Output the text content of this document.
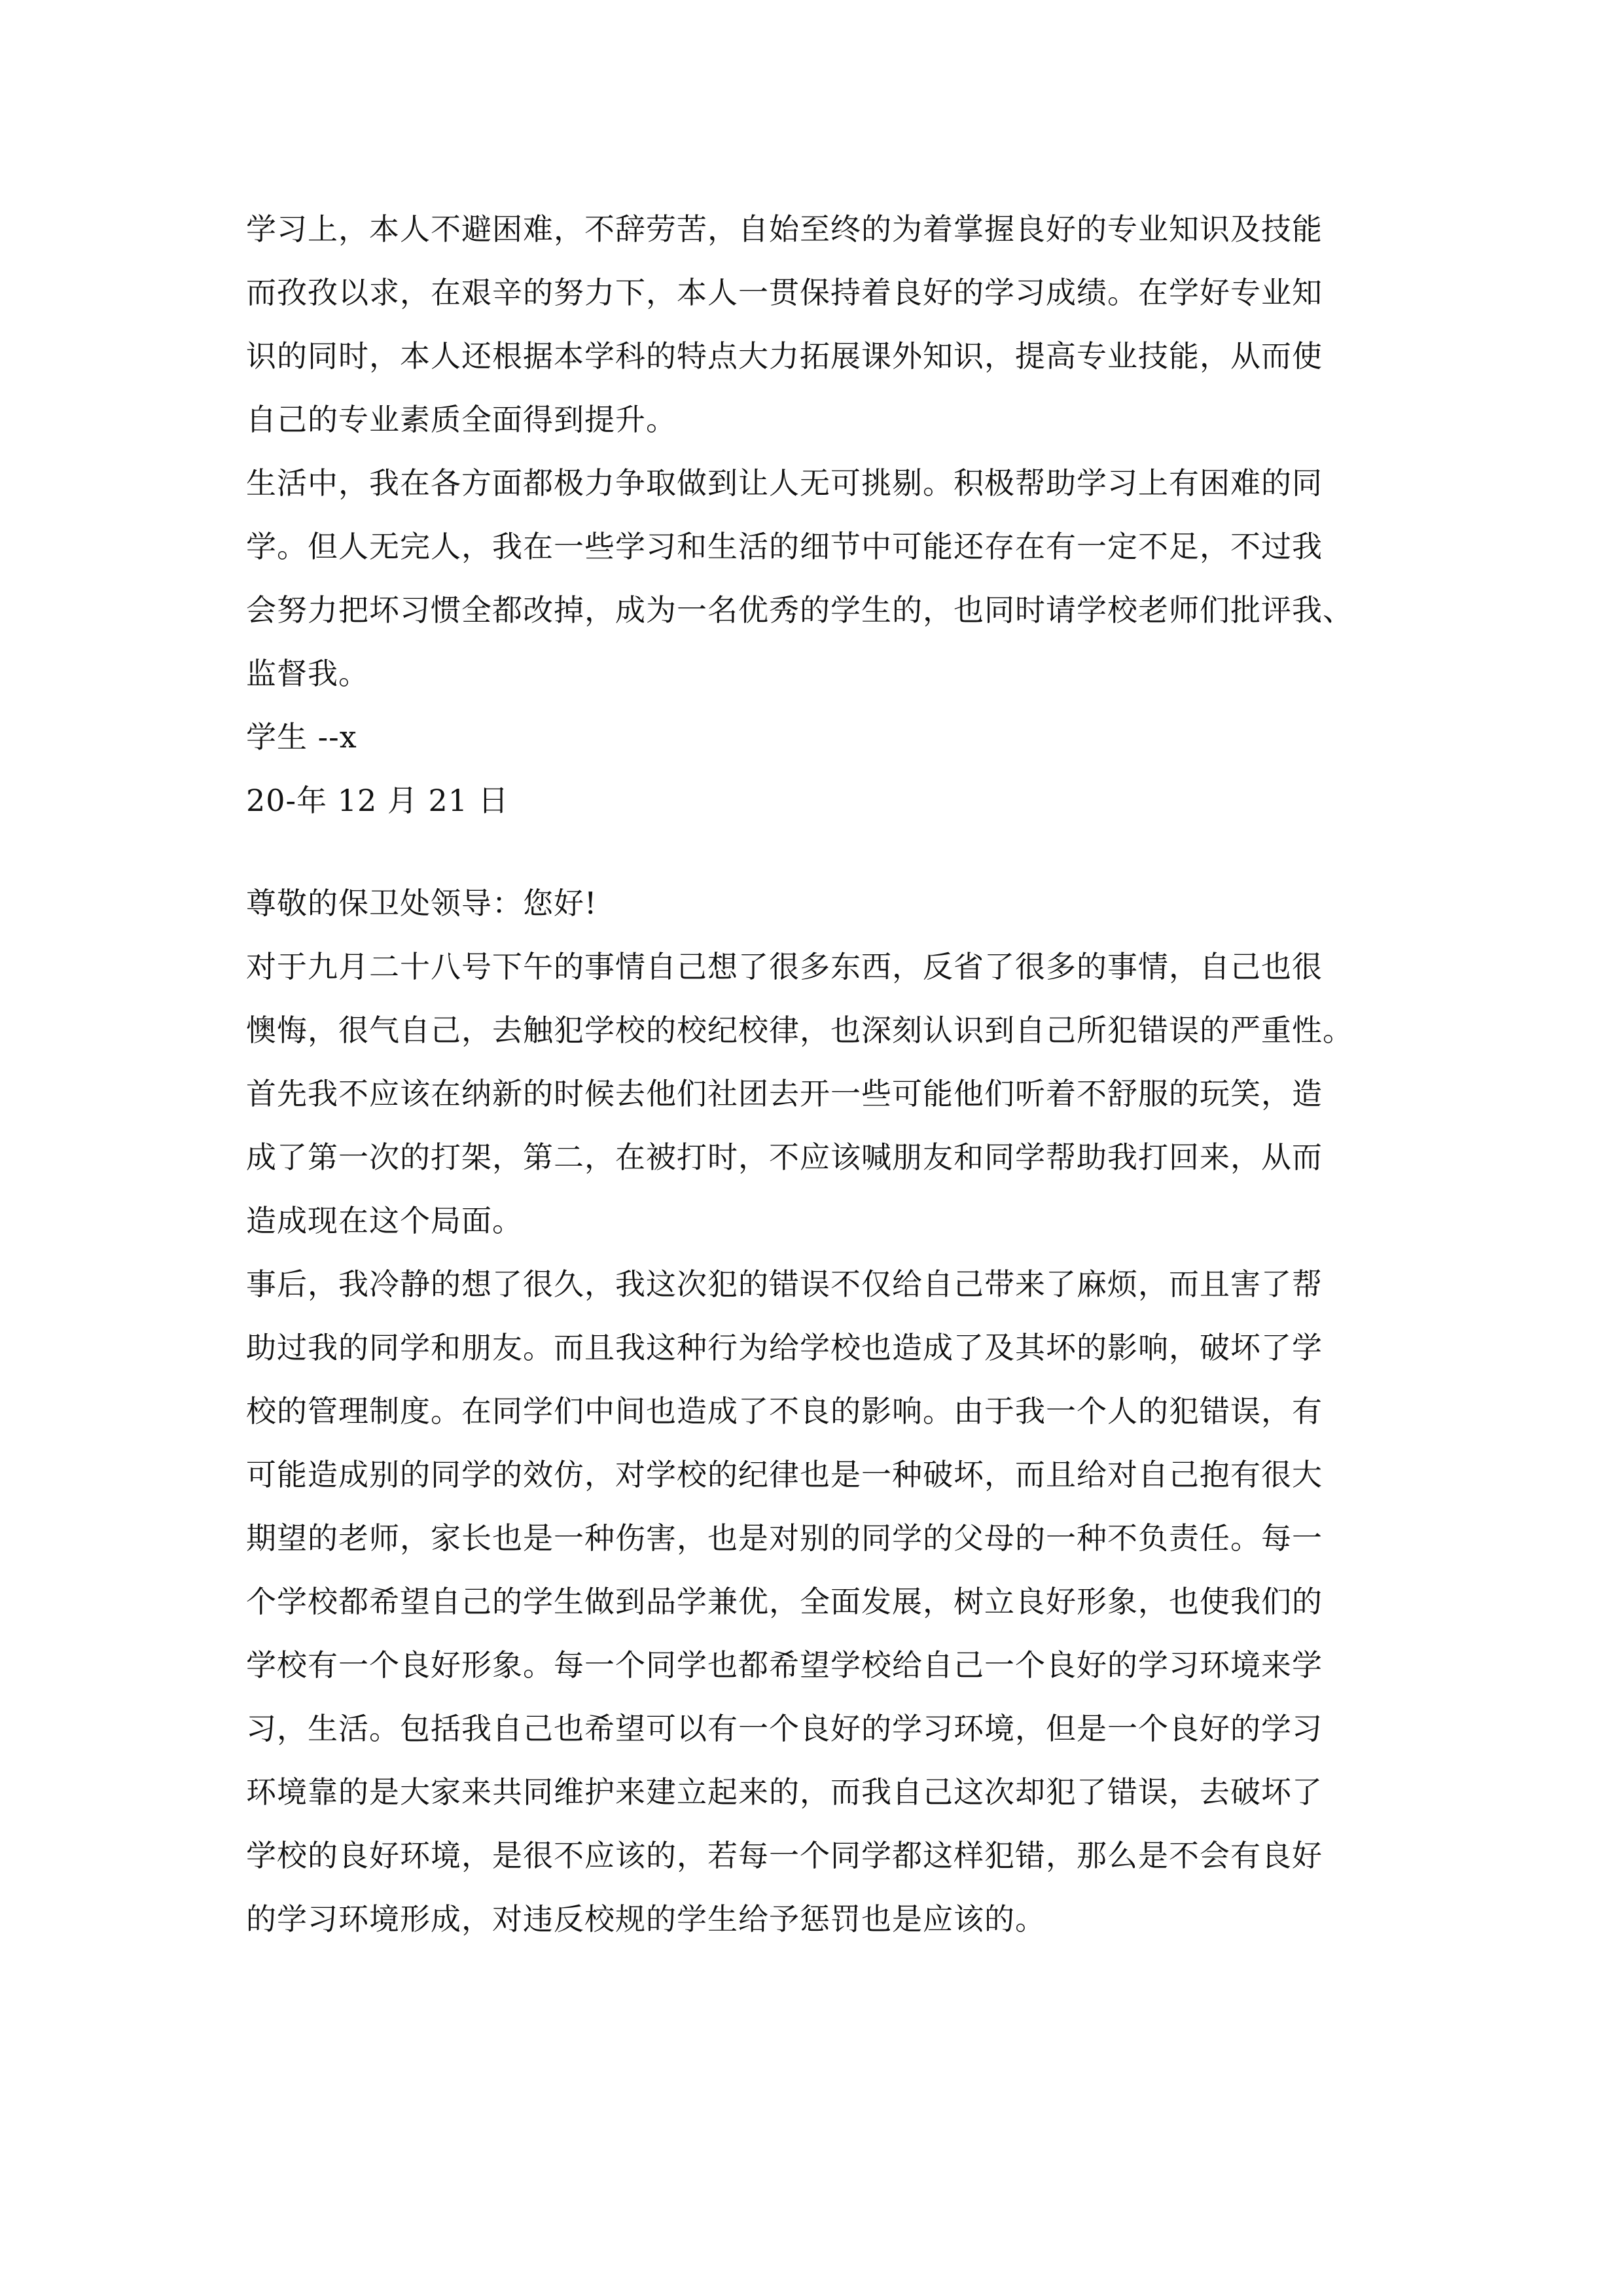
学习上，本人不避困难，不辞劳苦，自始至终的为着掌握良好的专业知识及技能
而孜孜以求，在艰辛的努力下，本人一贯保持着良好的学习成绩。在学好专业知
识的同时，本人还根据本学科的特点大力拓展课外知识，提高专业技能，从而使
自己的专业素质全面得到提升。
生活中，我在各方面都极力争取做到让人无可挑剔。积极帮助学习上有困难的同
学。但人无完人，我在一些学习和生活的细节中可能还存在有一定不足，不过我
会努力把坏习惯全都改掉，成为一名优秀的学生的，也同时请学校老师们批评我、
监督我。
学生 --x
20-年 12 月 21 日
尊敬的保卫处领导：您好!
对于九月二十八号下午的事情自己想了很多东西，反省了很多的事情，自己也很
懊悔，很气自己，去触犯学校的校纪校律，也深刻认识到自己所犯错误的严重性。
首先我不应该在纳新的时候去他们社团去开一些可能他们听着不舒服的玩笑，造
成了第一次的打架，第二，在被打时，不应该喊朋友和同学帮助我打回来，从而
造成现在这个局面。
事后，我冷静的想了很久，我这次犯的错误不仅给自己带来了麻烦，而且害了帮
助过我的同学和朋友。而且我这种行为给学校也造成了及其坏的影响，破坏了学
校的管理制度。在同学们中间也造成了不良的影响。由于我一个人的犯错误，有
可能造成别的同学的效仿，对学校的纪律也是一种破坏，而且给对自己抱有很大
期望的老师，家长也是一种伤害，也是对别的同学的父母的一种不负责任。每一
个学校都希望自己的学生做到品学兼优，全面发展，树立良好形象，也使我们的
学校有一个良好形象。每一个同学也都希望学校给自己一个良好的学习环境来学
习，生活。包括我自己也希望可以有一个良好的学习环境，但是一个良好的学习
环境靠的是大家来共同维护来建立起来的，而我自己这次却犯了错误，去破坏了
学校的良好环境，是很不应该的，若每一个同学都这样犯错，那么是不会有良好
的学习环境形成，对违反校规的学生给予惩罚也是应该的。
